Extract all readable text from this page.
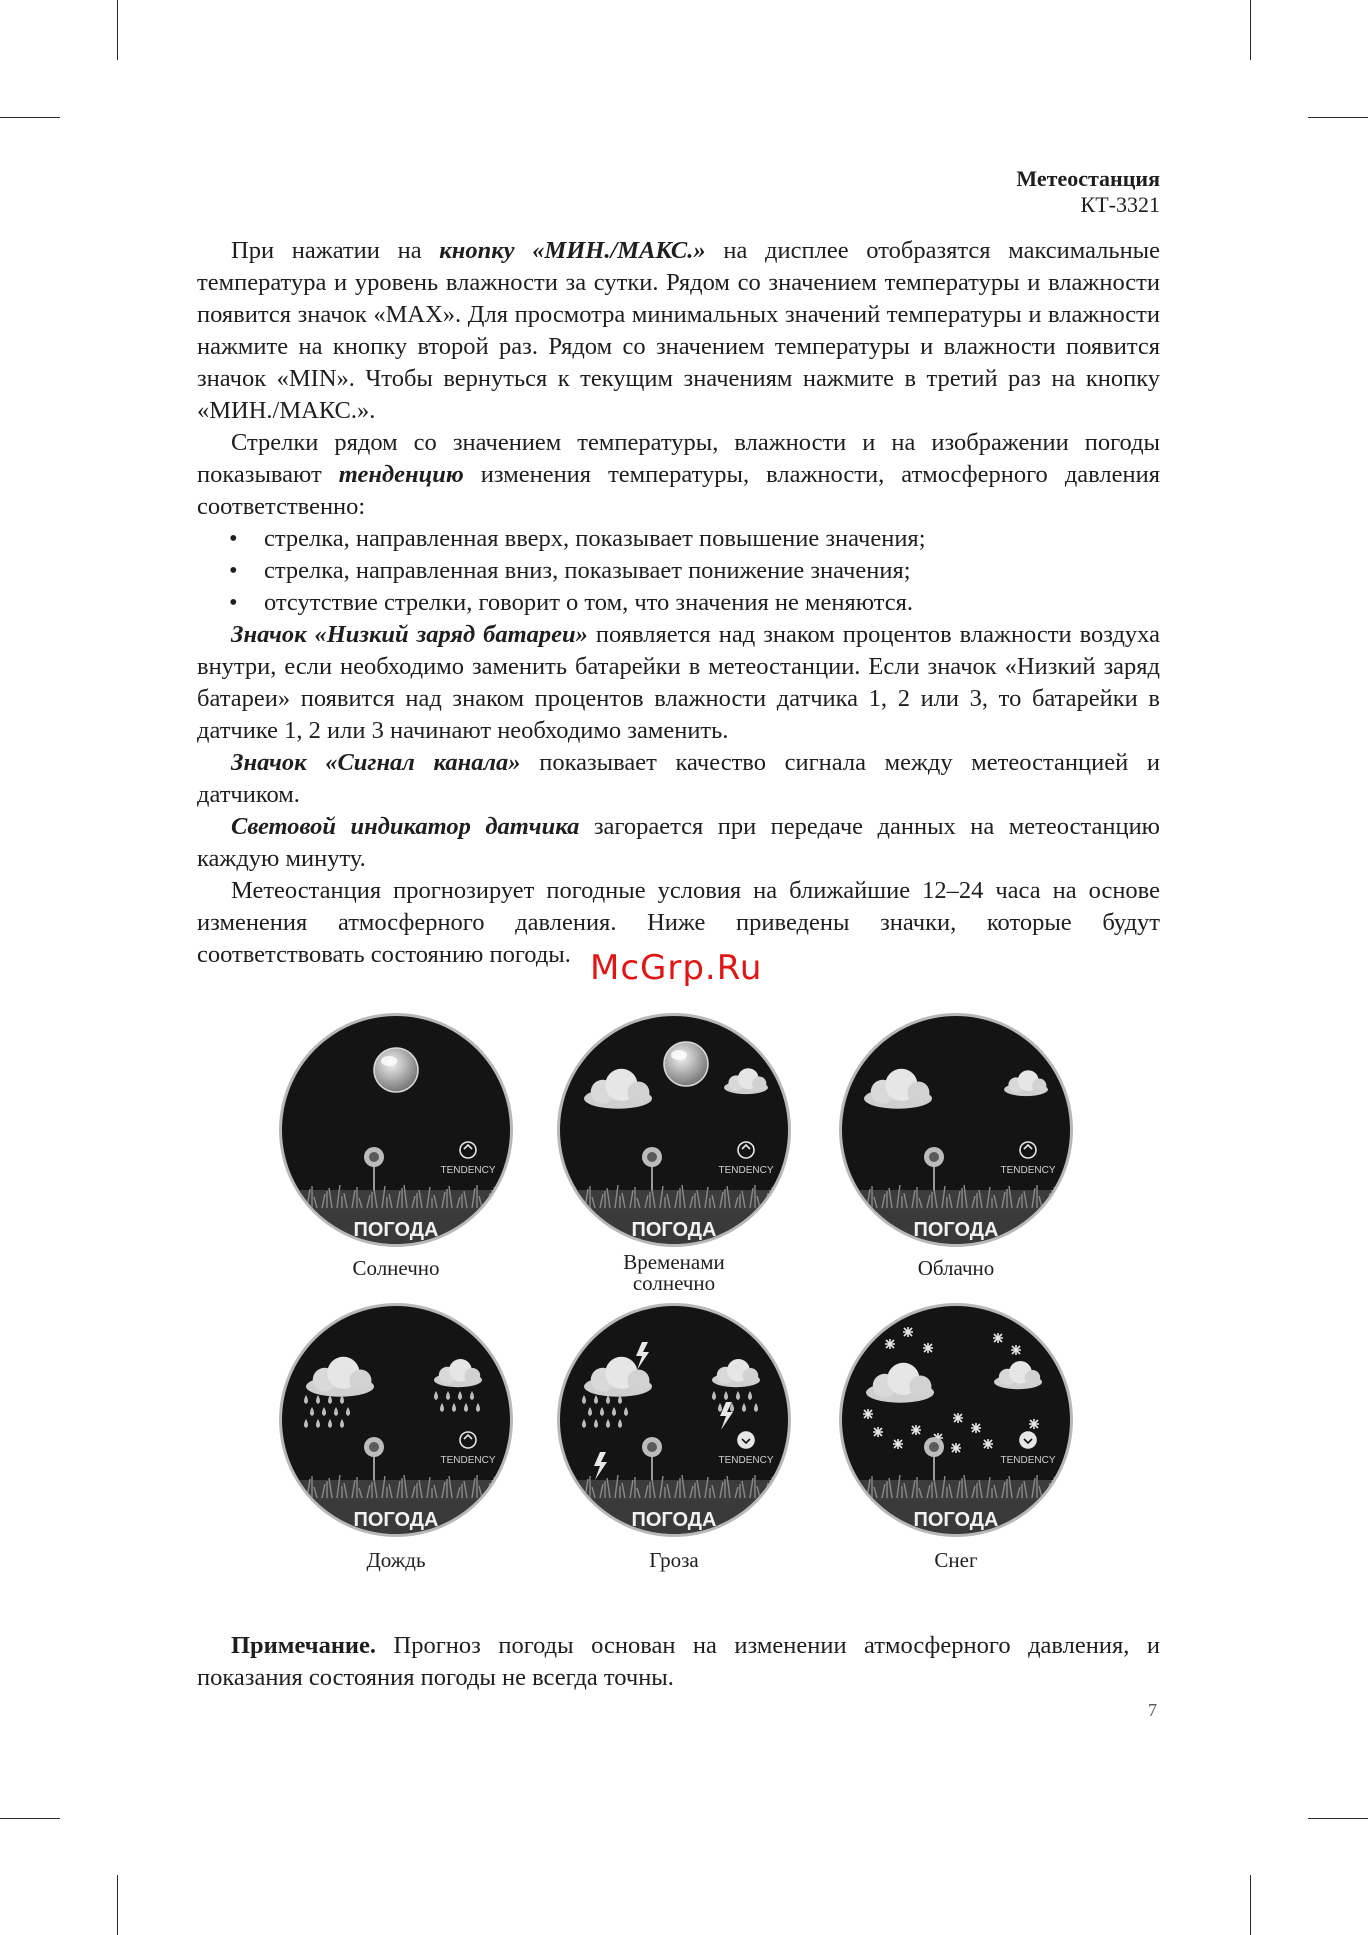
Метеостанция
КТ-3321

При нажатии на кнопку «МИН./МАКС.» на дисплее отобразятся максимальные температура и уровень влажности за сутки. Рядом со значением температуры и влажности появится значок «MAX». Для просмотра минимальных значений температуры и влажности нажмите на кнопку второй раз. Рядом со значением температуры и влажности появится значок «MIN». Чтобы вернуться к текущим значениям нажмите в третий раз на кнопку «МИН./МАКС.».

Стрелки рядом со значением температуры, влажности и на изображении погоды показывают тенденцию изменения температуры, влажности, атмосферного давления соответственно:

• стрелка, направленная вверх, показывает повышение значения;
• стрелка, направленная вниз, показывает понижение значения;
• отсутствие стрелки, говорит о том, что значения не меняются.

Значок «Низкий заряд батареи» появляется над знаком процентов влажности воздуха внутри, если необходимо заменить батарейки в метеостанции. Если значок «Низкий заряд батареи» появится над знаком процентов влажности датчика 1, 2 или 3, то батарейки в датчике 1, 2 или 3 начинают необходимо заменить.

Значок «Сигнал канала» показывает качество сигнала между метеостанцией и датчиком.

Световой индикатор датчика загорается при передаче данных на метеостанцию каждую минуту.

Метеостанция прогнозирует погодные условия на ближайшие 12–24 часа на основе изменения атмосферного давления. Ниже приведены значки, которые будут соответствовать состоянию погоды. McGrp.Ru
TENDENCY
ПОГОДА
Солнечно
TENDENCY
ПОГОДА
Временами
солнечно
TENDENCY
ПОГОДА
Облачно
TENDENCY
ПОГОДА
Дождь
TENDENCY
ПОГОДА
Гроза
TENDENCY
ПОГОДА
Снег

Примечание. Прогноз погоды основан на изменении атмосферного давления, и показания состояния погоды не всегда точны.

7
